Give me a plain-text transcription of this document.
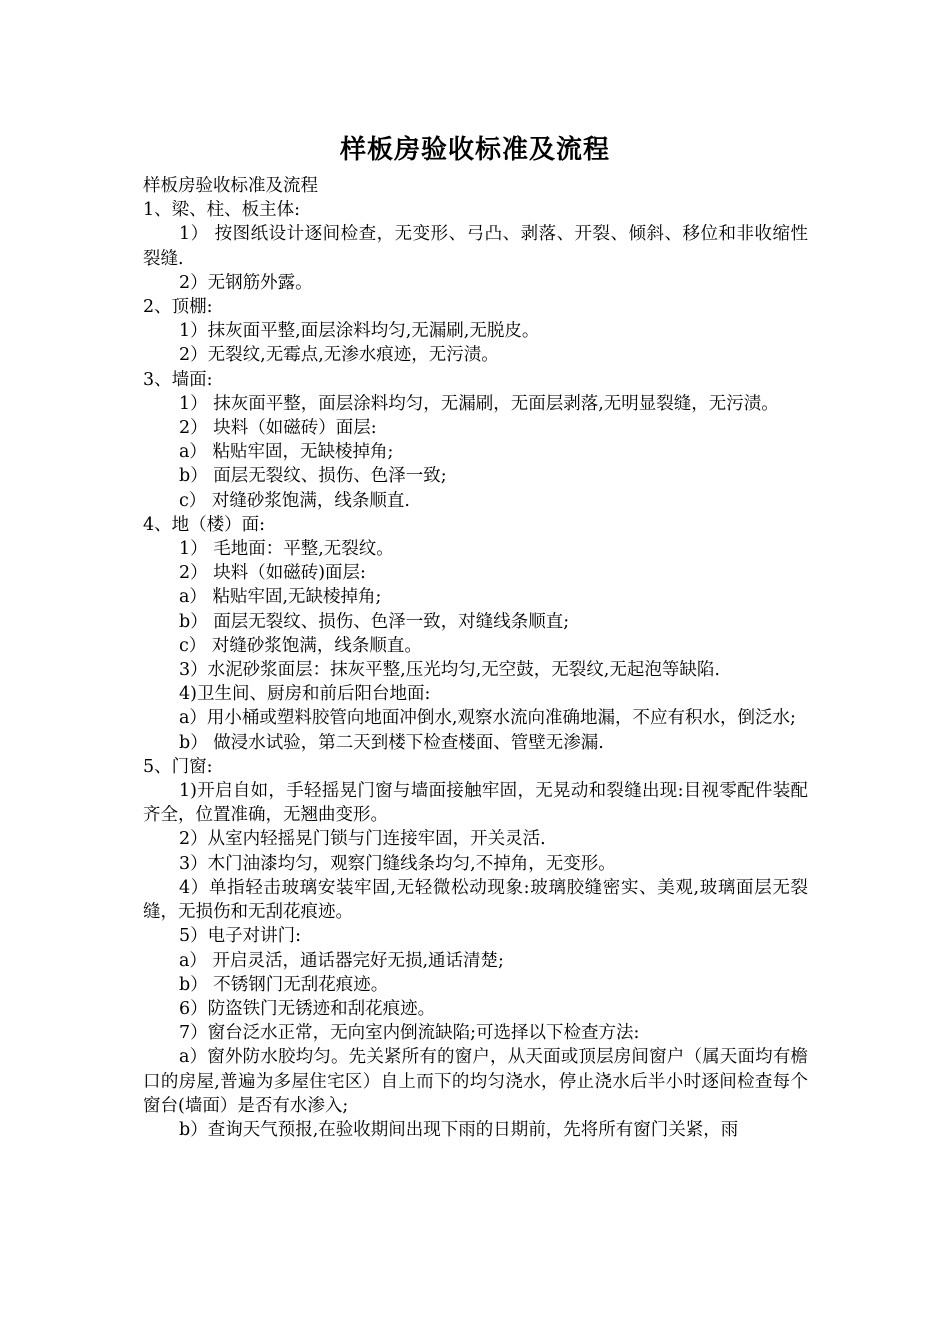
样板房验收标准及流程

样板房验收标准及流程

1、梁、柱、板主体:

1） 按图纸设计逐间检查，无变形、弓凸、剥落、开裂、倾斜、移位和非收缩性裂缝.

2）无钢筋外露。

2、顶棚:

1）抹灰面平整,面层涂料均匀,无漏刷,无脱皮。

2）无裂纹,无霉点,无渗水痕迹，无污渍。

3、墙面:

1） 抹灰面平整，面层涂料均匀，无漏刷，无面层剥落,无明显裂缝，无污渍。

2） 块料（如磁砖）面层:

a） 粘贴牢固，无缺棱掉角;

b） 面层无裂纹、损伤、色泽一致;

c） 对缝砂浆饱满，线条顺直.

4、地（楼）面:

1） 毛地面：平整,无裂纹。

2） 块料（如磁砖)面层:

a） 粘贴牢固,无缺棱掉角;

b） 面层无裂纹、损伤、色泽一致，对缝线条顺直;

c） 对缝砂浆饱满，线条顺直。

3）水泥砂浆面层：抹灰平整,压光均匀,无空鼓，无裂纹,无起泡等缺陷.

4)卫生间、厨房和前后阳台地面:

a）用小桶或塑料胶管向地面冲倒水,观察水流向准确地漏，不应有积水，倒泛水;

b） 做浸水试验，第二天到楼下检查楼面、管壁无渗漏.

5、门窗:

1)开启自如，手轻摇晃门窗与墙面接触牢固，无晃动和裂缝出现:目视零配件装配齐全，位置准确，无翘曲变形。

2）从室内轻摇晃门锁与门连接牢固，开关灵活.

3）木门油漆均匀，观察门缝线条均匀,不掉角，无变形。

4）单指轻击玻璃安装牢固,无轻微松动现象:玻璃胶缝密实、美观,玻璃面层无裂缝，无损伤和无刮花痕迹。

5）电子对讲门:

a） 开启灵活，通话器完好无损,通话清楚;

b） 不锈钢门无刮花痕迹。

6）防盗铁门无锈迹和刮花痕迹。

7）窗台泛水正常，无向室内倒流缺陷;可选择以下检查方法:

a）窗外防水胶均匀。先关紧所有的窗户，从天面或顶层房间窗户（属天面均有檐口的房屋,普遍为多屋住宅区）自上而下的均匀浇水，停止浇水后半小时逐间检查每个窗台(墙面）是否有水渗入;

b）查询天气预报,在验收期间出现下雨的日期前，先将所有窗门关紧，雨
